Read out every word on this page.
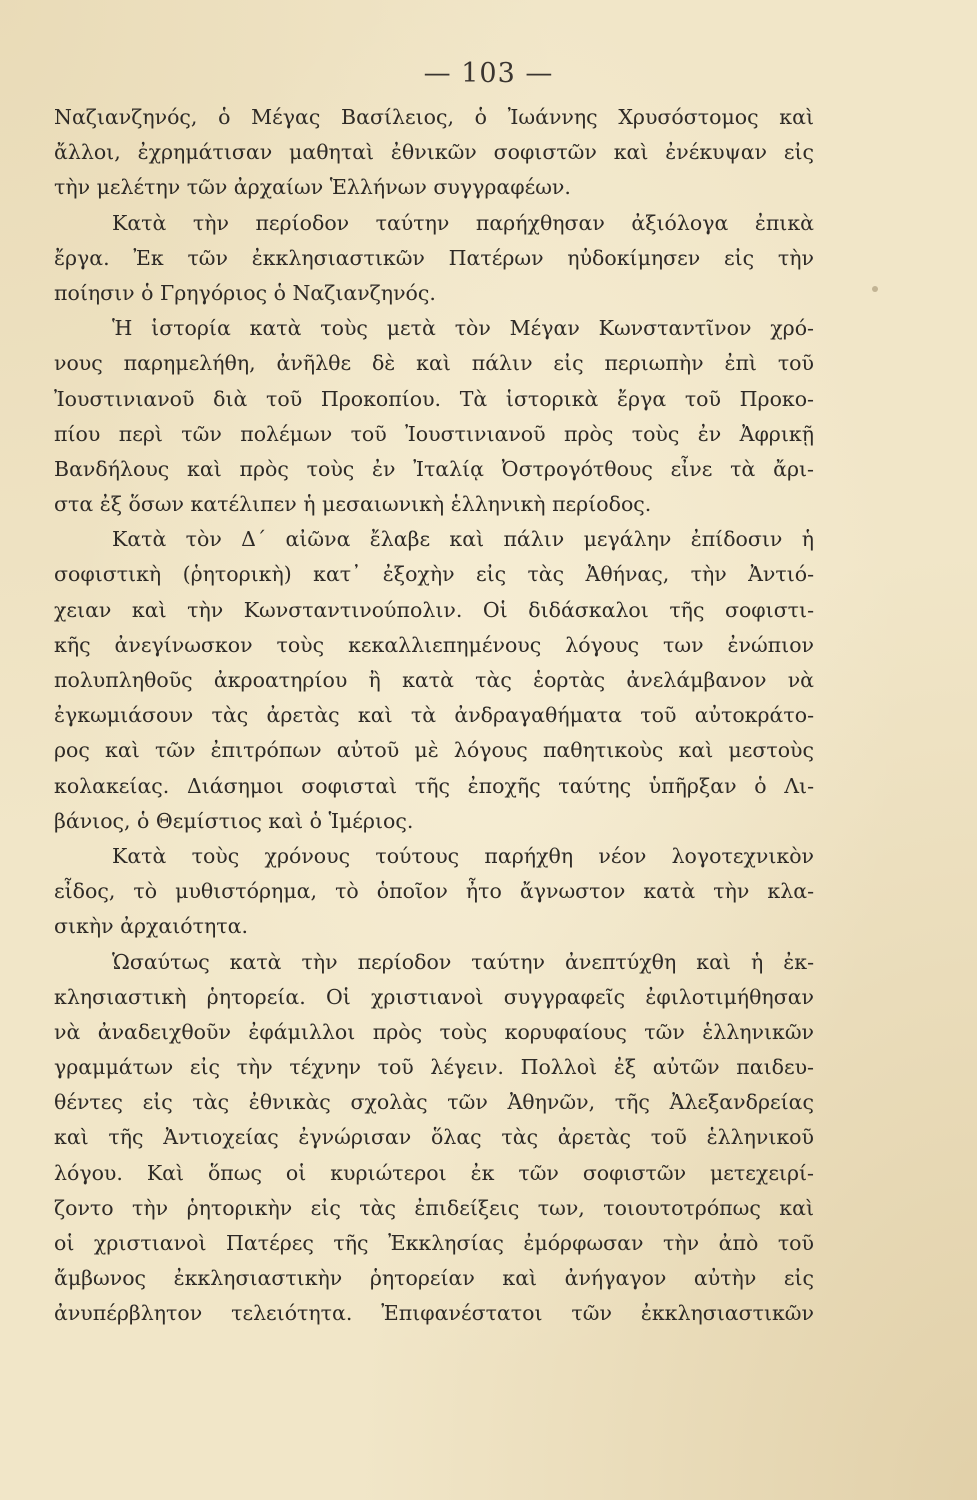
— 103 —
Ναζιανζηνός, ὁ Μέγας Βασίλειος, ὁ Ἰωάννης Χρυσόστομος καὶ
ἄλλοι, ἐχρημάτισαν μαθηταὶ ἐθνικῶν σοφιστῶν καὶ ἐνέκυψαν εἰς
τὴν μελέτην τῶν ἀρχαίων Ἑλλήνων συγγραφέων.
Κατὰ τὴν περίοδον ταύτην παρήχθησαν ἀξιόλογα ἐπικὰ
ἔργα. Ἐκ τῶν ἐκκλησιαστικῶν Πατέρων ηὐδοκίμησεν εἰς τὴν
ποίησιν ὁ Γρηγόριος ὁ Ναζιανζηνός.
Ἡ ἱστορία κατὰ τοὺς μετὰ τὸν Μέγαν Κωνσταντῖνον χρό-
νους παρημελήθη, ἀνῆλθε δὲ καὶ πάλιν εἰς περιωπὴν ἐπὶ τοῦ
Ἰουστινιανοῦ διὰ τοῦ Προκοπίου. Τὰ ἱστορικὰ ἔργα τοῦ Προκο-
πίου περὶ τῶν πολέμων τοῦ Ἰουστινιανοῦ πρὸς τοὺς ἐν Ἀφρικῇ
Βανδήλους καὶ πρὸς τοὺς ἐν Ἰταλίᾳ Ὀστρογότθους εἶνε τὰ ἄρι-
στα ἐξ ὅσων κατέλιπεν ἡ μεσαιωνικὴ ἑλληνικὴ περίοδος.
Κατὰ τὸν Δ΄ αἰῶνα ἔλαβε καὶ πάλιν μεγάλην ἐπίδοσιν ἡ
σοφιστικὴ (ῥητορικὴ) κατ᾽ ἐξοχὴν εἰς τὰς Ἀθήνας, τὴν Ἀντιό-
χειαν καὶ τὴν Κωνσταντινούπολιν. Οἱ διδάσκαλοι τῆς σοφιστι-
κῆς ἀνεγίνωσκον τοὺς κεκαλλιεπημένους λόγους των ἐνώπιον
πολυπληθοῦς ἀκροατηρίου ἢ κατὰ τὰς ἑορτὰς ἀνελάμβανον νὰ
ἐγκωμιάσουν τὰς ἀρετὰς καὶ τὰ ἀνδραγαθήματα τοῦ αὐτοκράτο-
ρος καὶ τῶν ἐπιτρόπων αὐτοῦ μὲ λόγους παθητικοὺς καὶ μεστοὺς
κολακείας. Διάσημοι σοφισταὶ τῆς ἐποχῆς ταύτης ὑπῆρξαν ὁ Λι-
βάνιος, ὁ Θεμίστιος καὶ ὁ Ἱμέριος.
Κατὰ τοὺς χρόνους τούτους παρήχθη νέον λογοτεχνικὸν
εἶδος, τὸ μυθιστόρημα, τὸ ὁποῖον ἦτο ἄγνωστον κατὰ τὴν κλα-
σικὴν ἀρχαιότητα.
Ὡσαύτως κατὰ τὴν περίοδον ταύτην ἀνεπτύχθη καὶ ἡ ἐκ-
κλησιαστικὴ ῥητορεία. Οἱ χριστιανοὶ συγγραφεῖς ἐφιλοτιμήθησαν
νὰ ἀναδειχθοῦν ἐφάμιλλοι πρὸς τοὺς κορυφαίους τῶν ἑλληνικῶν
γραμμάτων εἰς τὴν τέχνην τοῦ λέγειν. Πολλοὶ ἐξ αὐτῶν παιδευ-
θέντες εἰς τὰς ἐθνικὰς σχολὰς τῶν Ἀθηνῶν, τῆς Ἀλεξανδρείας
καὶ τῆς Ἀντιοχείας ἐγνώρισαν ὅλας τὰς ἀρετὰς τοῦ ἑλληνικοῦ
λόγου. Καὶ ὅπως οἱ κυριώτεροι ἐκ τῶν σοφιστῶν μετεχειρί-
ζοντο τὴν ῥητορικὴν εἰς τὰς ἐπιδείξεις των, τοιουτοτρόπως καὶ
οἱ χριστιανοὶ Πατέρες τῆς Ἐκκλησίας ἐμόρφωσαν τὴν ἀπὸ τοῦ
ἄμβωνος ἐκκλησιαστικὴν ῥητορείαν καὶ ἀνήγαγον αὐτὴν εἰς
ἀνυπέρβλητον τελειότητα. Ἐπιφανέστατοι τῶν ἐκκλησιαστικῶν
